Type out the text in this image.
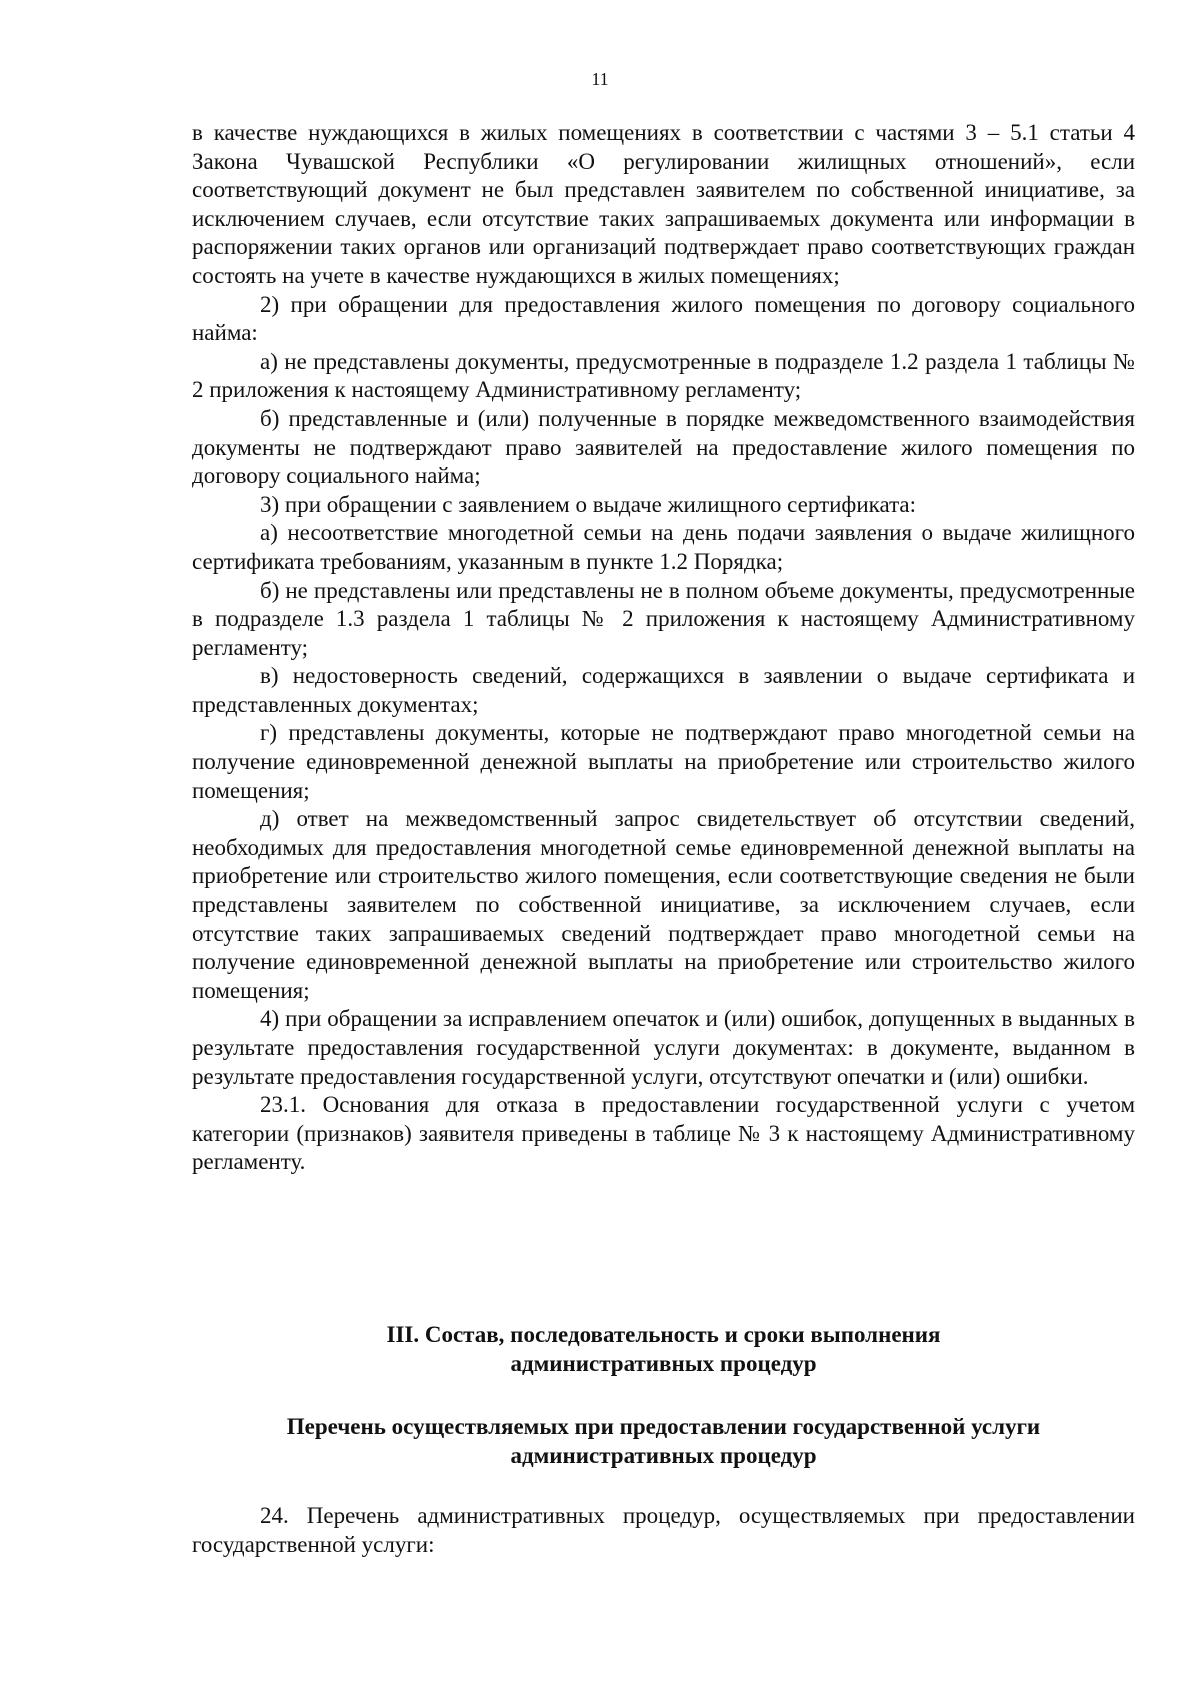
11

в качестве нуждающихся в жилых помещениях в соответствии с частями 3 – 5.1 статьи 4 Закона Чувашской Республики «О регулировании жилищных отношений», если соответствующий документ не был представлен заявителем по собственной инициативе, за исключением случаев, если отсутствие таких запрашиваемых документа или информации в распоряжении таких органов или организаций подтверждает право соответствующих граждан состоять на учете в качестве нуждающихся в жилых помещениях;

2) при обращении для предоставления жилого помещения по договору социального найма:

а) не представлены документы, предусмотренные в подразделе 1.2 раздела 1 таблицы № 2 приложения к настоящему Административному регламенту;

б) представленные и (или) полученные в порядке межведомственного взаимодействия документы не подтверждают право заявителей на предоставление жилого помещения по договору социального найма;

3) при обращении с заявлением о выдаче жилищного сертификата:

а) несоответствие многодетной семьи на день подачи заявления о выдаче жилищного сертификата требованиям, указанным в пункте 1.2 Порядка;

б) не представлены или представлены не в полном объеме документы, предусмотренные в подразделе 1.3 раздела 1 таблицы № 2 приложения к настоящему Административному регламенту;

в) недостоверность сведений, содержащихся в заявлении о выдаче сертификата и представленных документах;

г) представлены документы, которые не подтверждают право многодетной семьи на получение единовременной денежной выплаты на приобретение или строительство жилого помещения;

д) ответ на межведомственный запрос свидетельствует об отсутствии сведений, необходимых для предоставления многодетной семье единовременной денежной выплаты на приобретение или строительство жилого помещения, если соответствующие сведения не были представлены заявителем по собственной инициативе, за исключением случаев, если отсутствие таких запрашиваемых сведений подтверждает право многодетной семьи на получение единовременной денежной выплаты на приобретение или строительство жилого помещения;

4) при обращении за исправлением опечаток и (или) ошибок, допущенных в выданных в результате предоставления государственной услуги документах: в документе, выданном в результате предоставления государственной услуги, отсутствуют опечатки и (или) ошибки.

23.1. Основания для отказа в предоставлении государственной услуги с учетом категории (признаков) заявителя приведены в таблице № 3 к настоящему Административному регламенту.

III. Состав, последовательность и сроки выполнения
административных процедур
Перечень осуществляемых при предоставлении государственной услуги
административных процедур

24. Перечень административных процедур, осуществляемых при предоставлении государственной услуги:
